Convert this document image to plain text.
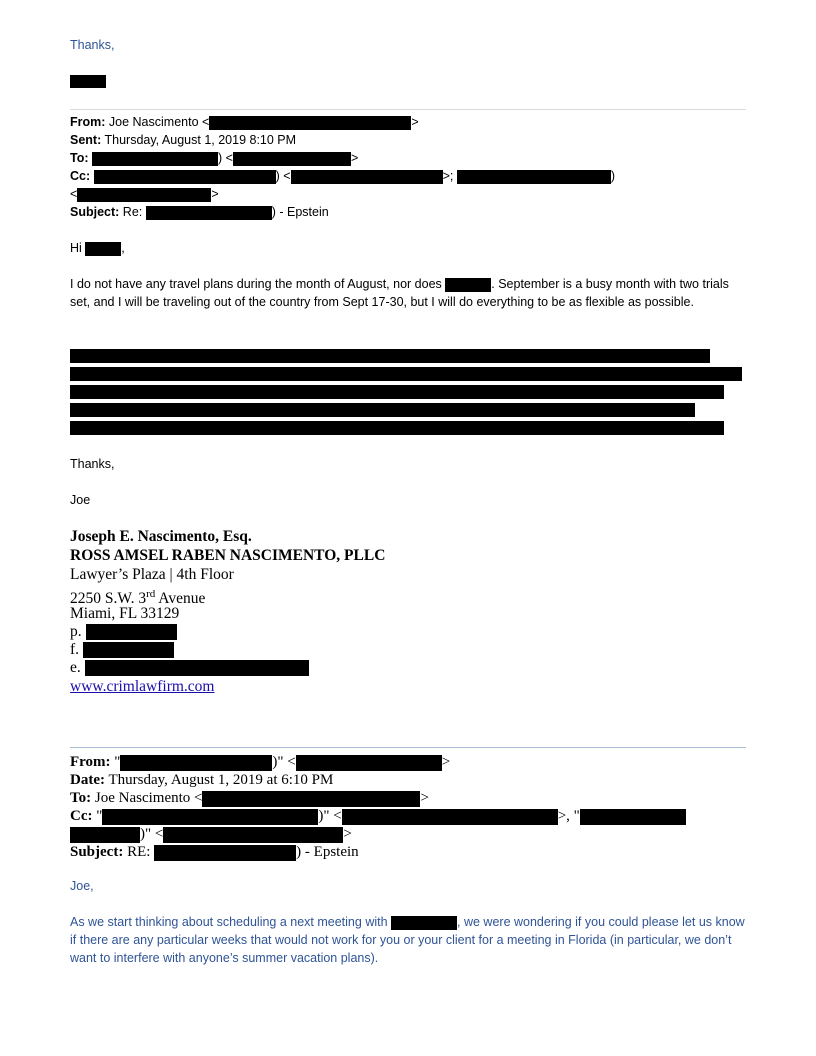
Thanks,
From: Joe Nascimento <	>
Sent: Thursday, August 1, 2019 8:10 PM
To:	) <	>
Cc:	) <	>;	)
<	>
Subject: Re:	) - Epstein
Hi	,

I do not have any travel plans during the month of August, nor does	. September is a busy month with two trials set, and I will be traveling out of the country from Sept 17-30, but I will do everything to be as flexible as possible.

Thanks,
Joe
Joseph E. Nascimento, Esq.
ROSS AMSEL RABEN NASCIMENTO, PLLC
Lawyer’s Plaza | 4th Floor
2250 S.W. 3rd Avenue
Miami, FL 33129
p.
f.
e.
www.crimlawfirm.com
From: "	)" <	>
Date: Thursday, August 1, 2019 at 6:10 PM
To: Joe Nascimento <	>
Cc: "	)" <	>, "
)" <	>
Subject: RE:	) - Epstein
Joe,

As we start thinking about scheduling a next meeting with	, we were wondering if you could please let us know if there are any particular weeks that would not work for you or your client for a meeting in Florida (in particular, we don’t want to interfere with anyone’s summer vacation plans).
